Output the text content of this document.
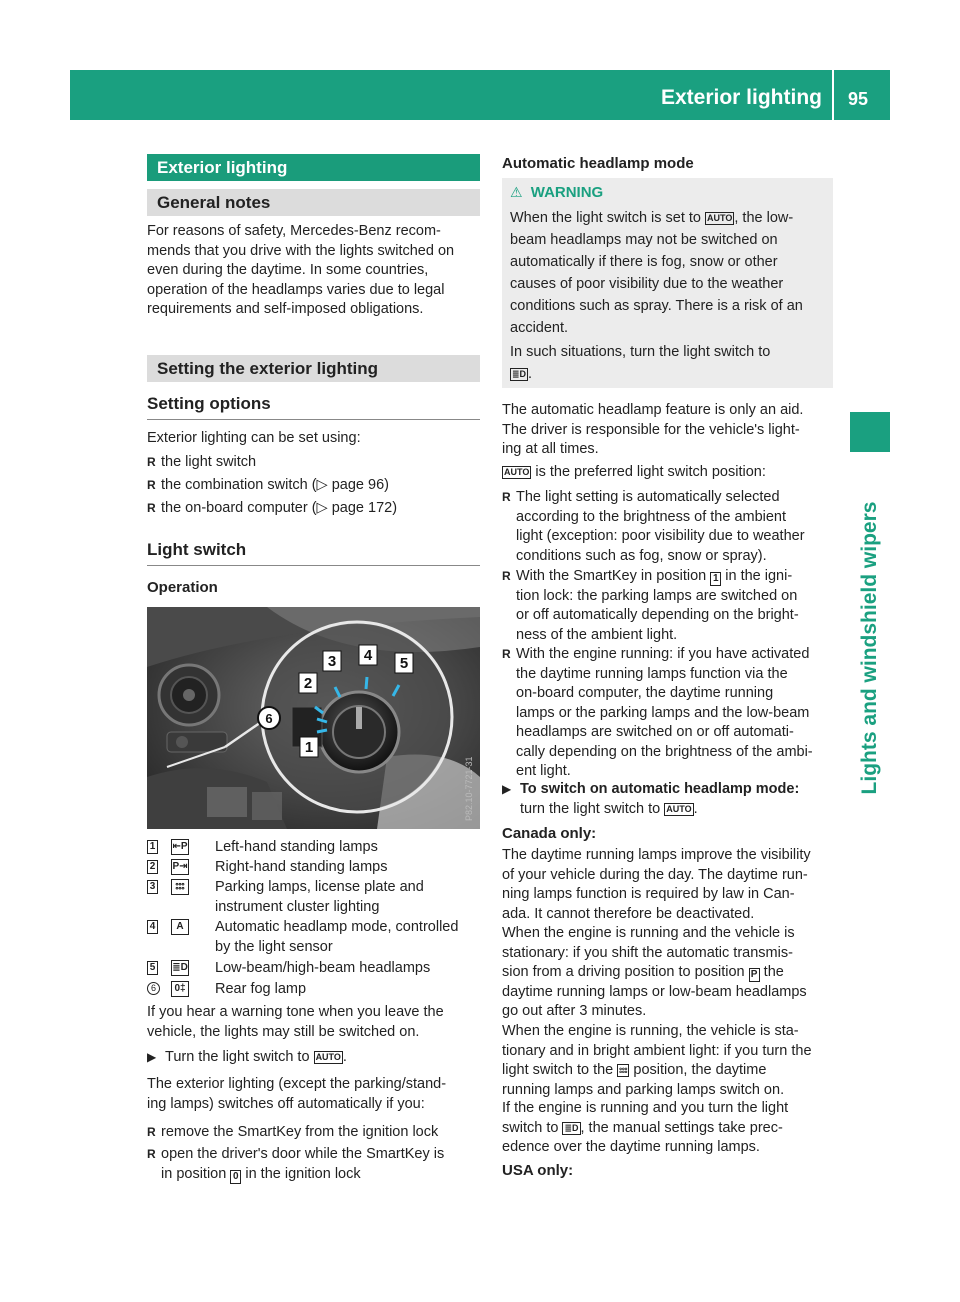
Exterior lighting 95
Lights and windshield wipers
Exterior lighting
General notes
For reasons of safety, Mercedes-Benz recom-
mends that you drive with the lights switched on
even during the daytime. In some countries,
operation of the headlamps varies due to legal
requirements and self-imposed obligations.
Setting the exterior lighting
Setting options
Exterior lighting can be set using:
R the light switch
R the combination switch (▷ page 96)
R the on-board computer (▷ page 172)
Light switch
Operation
2
3 4 5
1
6
P82.10-7721-31
1 ⇤P Left-hand standing lamps
2 P⇥ Right-hand standing lamps
3	⦂⦂⦂	Parking lamps, license plate and
instrument cluster lighting
4	A	Automatic headlamp mode, controlled
by the light sensor
5 ≣D Low-beam/high-beam headlamps
6	0‡ Rear fog lamp
If you hear a warning tone when you leave the
vehicle, the lights may still be switched on.
▶ Turn the light switch to AUTO .
The exterior lighting (except the parking/stand-
ing lamps) switches off automatically if you:
R remove the SmartKey from the ignition lock
R open the driver's door while the SmartKey is
in position 0 in the ignition lock
Automatic headlamp mode
⚠ WARNING
When the light switch is set to AUTO , the low-
beam headlamps may not be switched on
automatically if there is fog, snow or other
causes of poor visibility due to the weather
conditions such as spray. There is a risk of an
accident.
In such situations, turn the light switch to
≣D .
The automatic headlamp feature is only an aid.
The driver is responsible for the vehicle's light-
ing at all times.
AUTO is the preferred light switch position:
R The light setting is automatically selected
according to the brightness of the ambient
light (exception: poor visibility due to weather
conditions such as fog, snow or spray).
R With the SmartKey in position 1 in the igni-
tion lock: the parking lamps are switched on
or off automatically depending on the bright-
ness of the ambient light.
R With the engine running: if you have activated
the daytime running lamps function via the
on-board computer, the daytime running
lamps or the parking lamps and the low-beam
headlamps are switched on or off automati-
cally depending on the brightness of the ambi-
ent light.
▶ To switch on automatic headlamp mode:
turn the light switch to AUTO .
Canada only:
The daytime running lamps improve the visibility
of your vehicle during the day. The daytime run-
ning lamps function is required by law in Can-
ada. It cannot therefore be deactivated.
When the engine is running and the vehicle is
stationary: if you shift the automatic transmis-
sion from a driving position to position P the
daytime running lamps or low-beam headlamps
go out after 3 minutes.
When the engine is running, the vehicle is sta-
tionary and in bright ambient light: if you turn the
light switch to the ⦂⦂⦂ position, the daytime
running lamps and parking lamps switch on.
If the engine is running and you turn the light
switch to ≣D , the manual settings take prec-
edence over the daytime running lamps.
USA only:
